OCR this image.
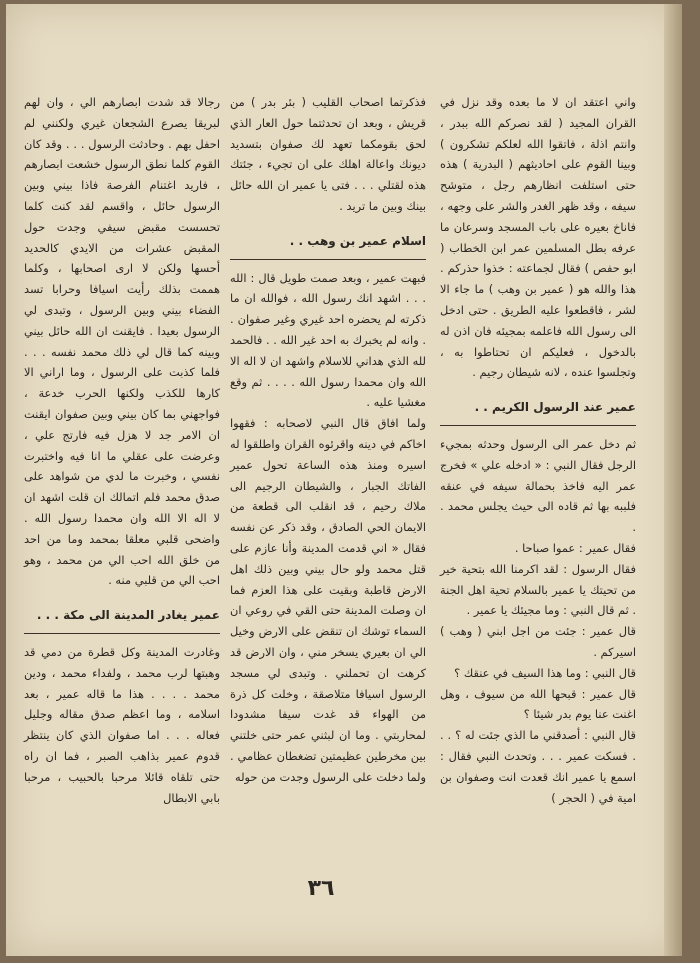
واني اعتقد ان لا ما بعده وقد نزل في القران المجيد ( لقد نصركم الله ببدر ، وانتم اذلة ، فاتقوا الله لعلكم تشكرون ) وبينا القوم على احاديثهم ( البدرية ) هذه حتى استلفت انظارهم رجل ، متوشح سيفه ، وقد ظهر الغدر والشر على وجهه ، فاناخ بعيره على باب المسجد وسرعان ما عرفه بطل المسلمين عمر ابن الخطاب ( ابو حفص ) فقال لجماعته : خذوا حذركم . هذا والله هو ( عمير بن وهب ) ما جاء الا لشر ، فاقطعوا عليه الطريق . حتى ادخل الى رسول الله فاعلمه بمجيئه فان اذن له بالدخول ، فعليكم ان تحتاطوا به ، وتجلسوا عنده ، لانه شيطان رجيم .

عمير عند الرسول الكريم . .

ثم دخل عمر الى الرسول وحدثه بمجيء الرجل فقال النبي : « ادخله علي » فخرج عمر اليه فاخذ بحمالة سيفه في عنقه فلببه بها ثم قاده الى حيث يجلس محمد . .

فقال عمير : عموا صباحا .

فقال الرسول : لقد اكرمنا الله بتحية خير من تحيتك يا عمير بالسلام تحية اهل الجنة . ثم قال النبي : وما مجيئك يا عمير .

قال عمير : جئت من اجل ابني ( وهب ) اسيركم .

قال النبي : وما هذا السيف في عنقك ؟

قال عمير : قبحها الله من سيوف ، وهل اغنت عنا يوم بدر شيئا ؟

قال النبي : أصدقني ما الذي جئت له ؟ . . . فسكت عمير . . . وتحدث النبي فقال : اسمع يا عمير انك قعدت انت وصفوان بن امية في ( الحجر )

فذكرتما اصحاب القليب ( بئر بدر ) من قريش ، وبعد ان تحدثتما حول العار الذي لحق بقومكما تعهد لك صفوان بتسديد ديونك واعالة اهلك على ان تجيء ، جئتك هذه لقتلي . . . فتى يا عمير ان الله حائل بينك وبين ما تريد .

اسلام عمير بن وهب . .

فبهت عمير ، وبعد صمت طويل قال : الله . . . اشهد انك رسول الله ، فوالله ان ما ذكرته لم يحضره احد غيري وغير صفوان . . وانه لم يخبرك به احد غير الله . . فالحمد لله الذي هداني للاسلام واشهد ان لا اله الا الله وان محمدا رسول الله . . . . ثم وقع مغشيا عليه .

ولما افاق قال النبي لاصحابه : فقهوا اخاكم في دينه واقرئوه القران واطلقوا له اسيره ومنذ هذه الساعة تحول عمير الفاتك الجبار ، والشيطان الرجيم الى ملاك رحيم ، قد انقلب الى قطعة من الايمان الحي الصادق ، وقد ذكر عن نفسه فقال « اني قدمت المدينة وأنا عازم على قتل محمد ولو حال بيني وبين ذلك اهل الارض قاطبة وبقيت على هذا العزم فما ان وصلت المدينة حتى القي في روعي ان السماء توشك ان تنقض على الارض وخيل الي ان بعيري يسخر مني ، وان الارض قد كرهت ان تحملني . وتبدى لي مسجد الرسول اسيافا متلاصقة ، وخلت كل ذرة من الهواء قد غدت سيفا مشدودا لمحاربتي . وما ان لبثني عمر حتى خلتني بين مخرطين عظيمتين تضغطان عظامي . ولما دخلت على الرسول وجدت من حوله

رجالا قد شدت ابصارهم الي ، وان لهم لبريقا يصرع الشجعان غيري ولكنني لم احفل بهم . وحادثت الرسول . . . وقد كان القوم كلما نطق الرسول خشعت ابصارهم ، فاريد اغتنام الفرصة فاذا بيني وبين الرسول حائل ، واقسم لقد كنت كلما تحسست مقبض سيفي وجدت حول المقبض عشرات من الايدي كالحديد أحسها ولكن لا ارى اصحابها ، وكلما هممت بذلك رأيت اسيافا وحرابا تسد الفضاء بيني وبين الرسول ، وتبدى لي الرسول بعيدا . فايقنت ان الله حائل بيني وبينه كما قال لي ذلك محمد نفسه . . . فلما كذبت على الرسول ، وما اراني الا كارها للكذب ولكنها الحرب خدعة ، فواجهني بما كان بيني وبين صفوان ايقنت ان الامر جد لا هزل فيه فارتج علي ، وعرضت على عقلي ما انا فيه واختبرت نفسي ، وخبرت ما لدي من شواهد على صدق محمد فلم اتمالك ان قلت اشهد ان لا اله الا الله وان محمدا رسول الله . واضحى قلبي معلقا بمحمد وما من احد من خلق الله احب الي من محمد ، وهو احب الي من قلبي منه .

عمير يغادر المدينة الى مكة . . .

وغادرت المدينة وكل قطرة من دمي قد وهبتها لرب محمد ، ولفداء محمد ، ودين محمد . . . . هذا ما قاله عمير ، بعد اسلامه ، وما اعظم صدق مقاله وجليل فعاله . . . اما صفوان الذي كان ينتظر قدوم عمير بذاهب الصبر ، فما ان راه حتى تلقاه قائلا مرحبا بالحبيب ، مرحبا بابي الابطال

٣٦
